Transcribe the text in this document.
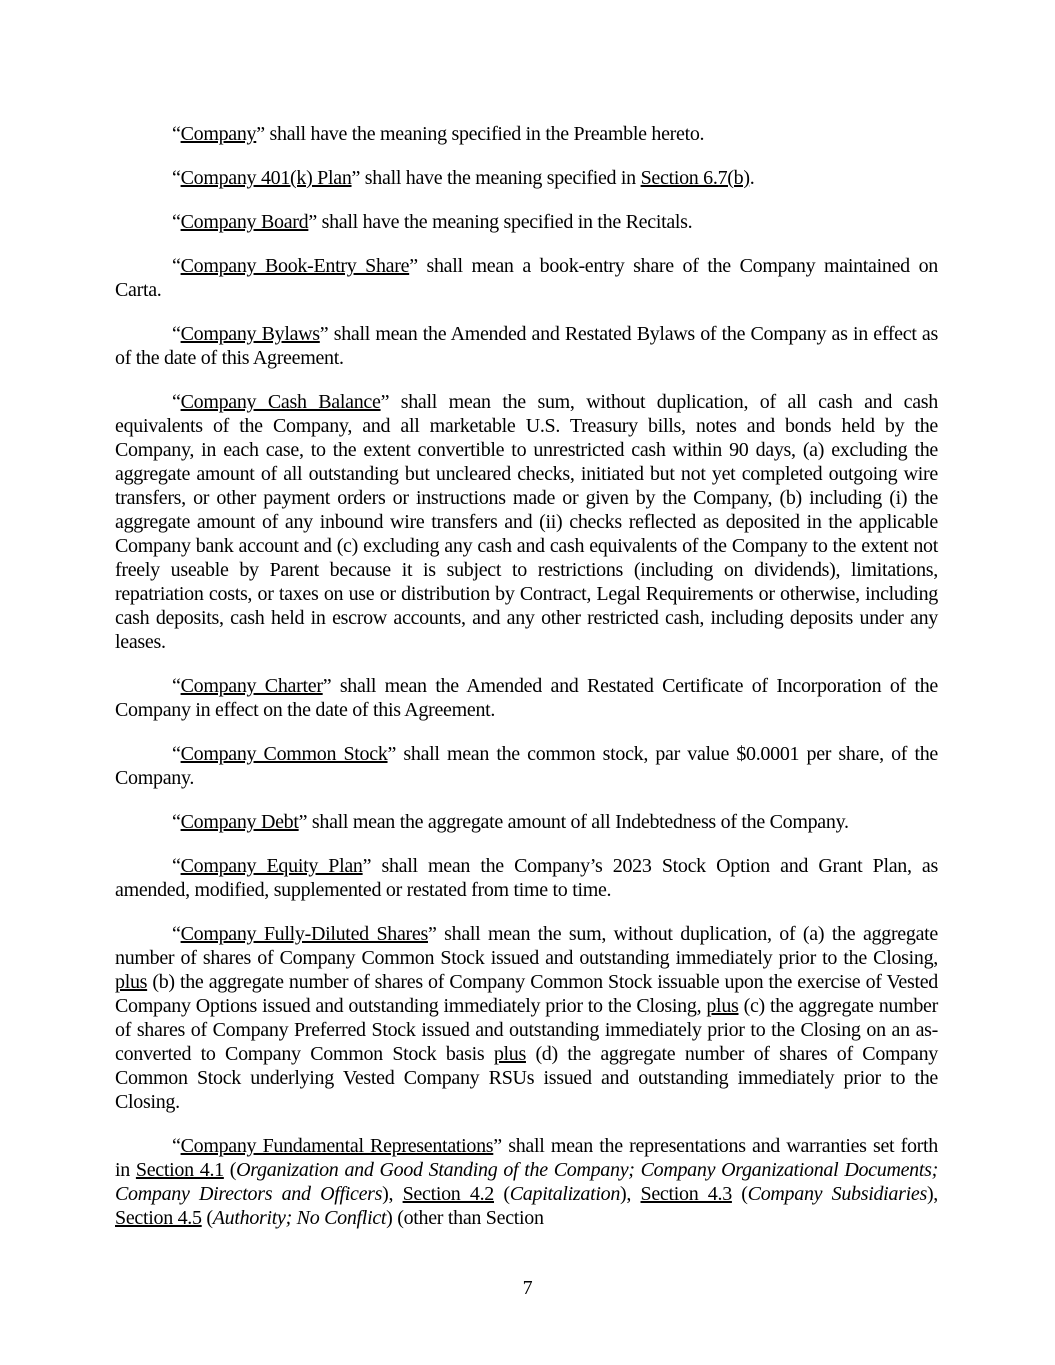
“Company” shall have the meaning specified in the Preamble hereto.

“Company 401(k) Plan” shall have the meaning specified in Section 6.7(b).

“Company Board” shall have the meaning specified in the Recitals.

“Company Book-Entry Share” shall mean a book-entry share of the Company maintained on Carta.

“Company Bylaws” shall mean the Amended and Restated Bylaws of the Company as in effect as of the date of this Agreement.

“Company Cash Balance” shall mean the sum, without duplication, of all cash and cash equivalents of the Company, and all marketable U.S. Treasury bills, notes and bonds held by the Company, in each case, to the extent convertible to unrestricted cash within 90 days, (a) excluding the aggregate amount of all outstanding but uncleared checks, initiated but not yet completed outgoing wire transfers, or other payment orders or instructions made or given by the Company, (b) including (i) the aggregate amount of any inbound wire transfers and (ii) checks reflected as deposited in the applicable Company bank account and (c) excluding any cash and cash equivalents of the Company to the extent not freely useable by Parent because it is subject to restrictions (including on dividends), limitations, repatriation costs, or taxes on use or distribution by Contract, Legal Requirements or otherwise, including cash deposits, cash held in escrow accounts, and any other restricted cash, including deposits under any leases.

“Company Charter” shall mean the Amended and Restated Certificate of Incorporation of the Company in effect on the date of this Agreement.

“Company Common Stock” shall mean the common stock, par value $0.0001 per share, of the Company.

“Company Debt” shall mean the aggregate amount of all Indebtedness of the Company.

“Company Equity Plan” shall mean the Company’s 2023 Stock Option and Grant Plan, as amended, modified, supplemented or restated from time to time.

“Company Fully-Diluted Shares” shall mean the sum, without duplication, of (a) the aggregate number of shares of Company Common Stock issued and outstanding immediately prior to the Closing, plus (b) the aggregate number of shares of Company Common Stock issuable upon the exercise of Vested Company Options issued and outstanding immediately prior to the Closing, plus (c) the aggregate number of shares of Company Preferred Stock issued and outstanding immediately prior to the Closing on an as-converted to Company Common Stock basis plus (d) the aggregate number of shares of Company Common Stock underlying Vested Company RSUs issued and outstanding immediately prior to the Closing.

“Company Fundamental Representations” shall mean the representations and warranties set forth in Section 4.1 (Organization and Good Standing of the Company; Company Organizational Documents; Company Directors and Officers), Section 4.2 (Capitalization), Section 4.3 (Company Subsidiaries), Section 4.5 (Authority; No Conflict) (other than Section

7
